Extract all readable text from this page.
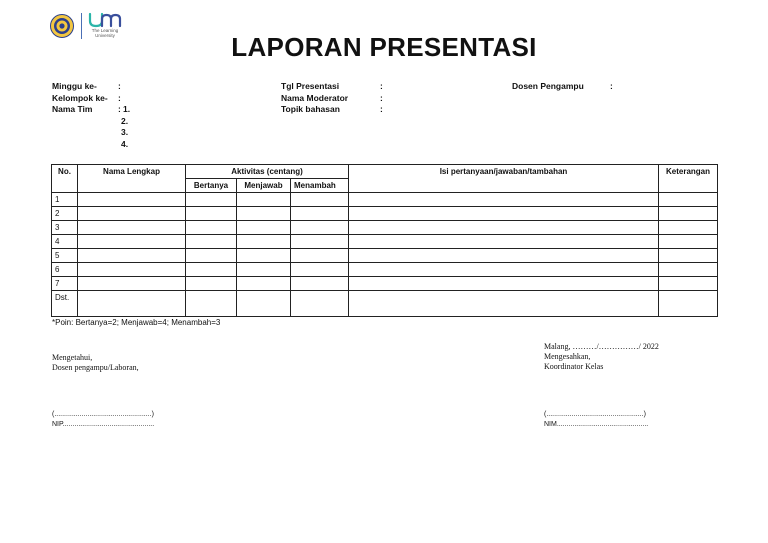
The Learning University	LAPORAN PRESENTASI
Minggu ke-	:
Kelompok ke-	:
Nama Tim	: 1.
2.
3.
4.
Tgl Presentasi	:
Nama Moderator	:
Topik bahasan	:
Dosen Pengampu	:
No.	Nama Lengkap	Aktivitas (centang)			Isi pertanyaan/jawaban/tambahan	Keterangan
		Bertanya	Menjawab	Menambah		
1						
2						
3						
4						
5						
6						
7						
Dst.						
*Poin: Bertanya=2; Menjawab=4; Menambah=3
Mengetahui,
Dosen pengampu/Laboran,
Malang, ………/……………/ 2022
Mengesahkan,
Koordinator Kelas
(..................................................)
NIP...............................................
(..................................................)
NIM...............................................
